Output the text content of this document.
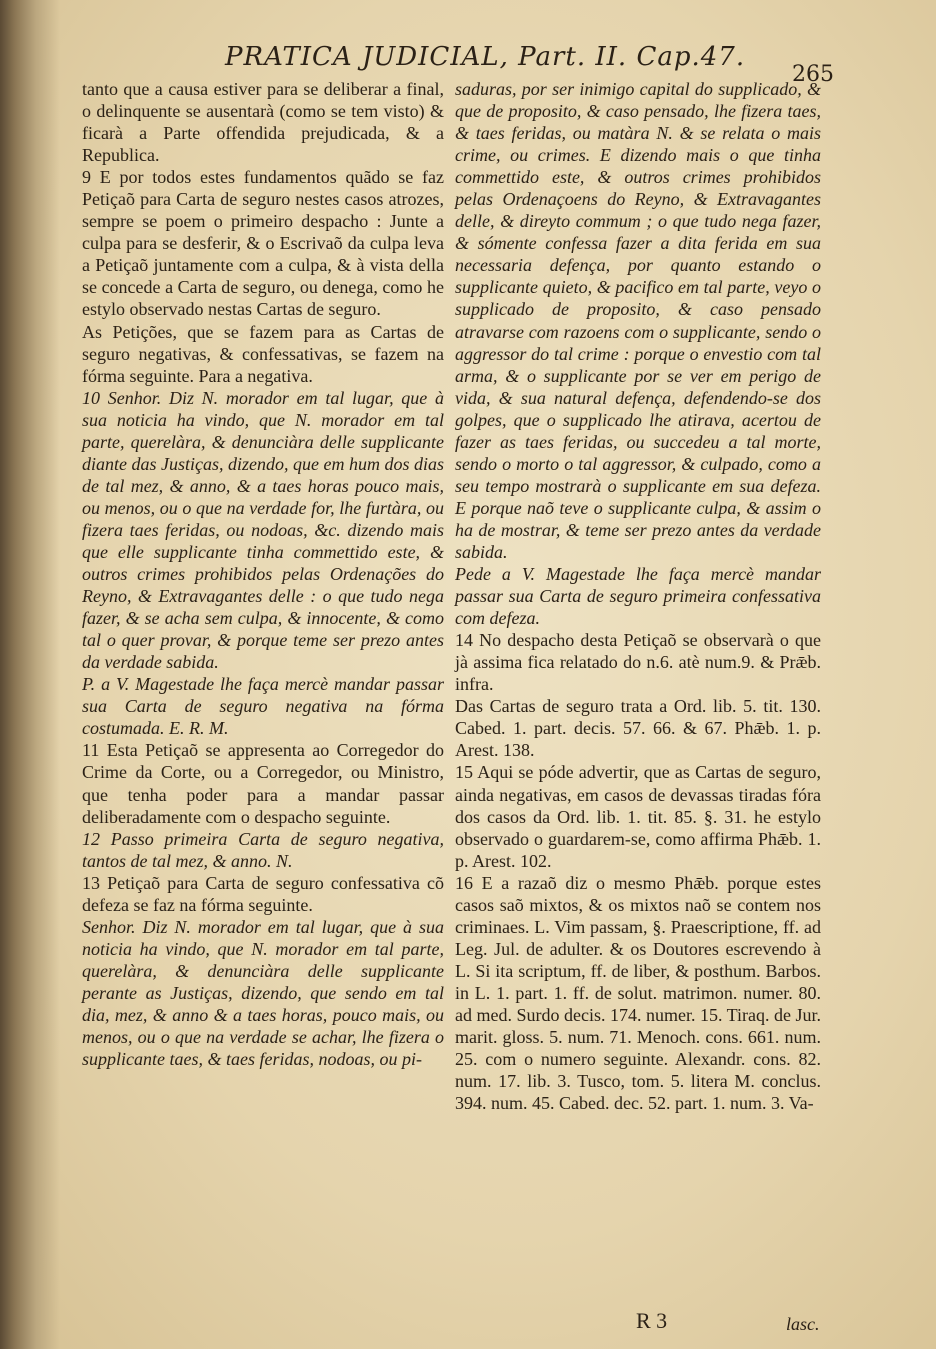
PRATICA JUDICIAL, Part. II. Cap.47.
265

tanto que a causa estiver para se deliberar a final, o delinquente se ausentarà (como se tem visto) & ficarà a Parte offendida prejudicada, & a Republica.

9 E por todos estes fundamentos quãdo se faz Petiçaõ para Carta de seguro nestes casos atrozes, sempre se poem o primeiro despacho : Junte a culpa para se desferir, & o Escrivaõ da culpa leva a Petiçaõ juntamente com a culpa, & à vista della se concede a Carta de seguro, ou denega, como he estylo observado nestas Cartas de seguro.

As Petições, que se fazem para as Cartas de seguro negativas, & confessativas, se fazem na fórma seguinte. Para a negativa.

10 Senhor. Diz N. morador em tal lugar, que à sua noticia ha vindo, que N. morador em tal parte, querelàra, & denunciàra delle supplicante diante das Justiças, dizendo, que em hum dos dias de tal mez, & anno, & a taes horas pouco mais, ou menos, ou o que na verdade for, lhe furtàra, ou fizera taes feridas, ou nodoas, &c. dizendo mais que elle supplicante tinha commettido este, & outros crimes prohibidos pelas Ordenações do Reyno, & Extravagantes delle : o que tudo nega fazer, & se acha sem culpa, & innocente, & como tal o quer provar, & porque teme ser prezo antes da verdade sabida.

P. a V. Magestade lhe faça mercè mandar passar sua Carta de seguro negativa na fórma costumada. E. R. M.

11 Esta Petiçaõ se appresenta ao Corregedor do Crime da Corte, ou a Corregedor, ou Ministro, que tenha poder para a mandar passar deliberadamente com o despacho seguinte.

12 Passo primeira Carta de seguro negativa, tantos de tal mez, & anno. N.

13 Petiçaõ para Carta de seguro confessativa cõ defeza se faz na fórma seguinte.

Senhor. Diz N. morador em tal lugar, que à sua noticia ha vindo, que N. morador em tal parte, querelàra, & denunciàra delle supplicante perante as Justiças, dizendo, que sendo em tal dia, mez, & anno & a taes horas, pouco mais, ou menos, ou o que na verdade se achar, lhe fizera o supplicante taes, & taes feridas, nodoas, ou pi-

saduras, por ser inimigo capital do supplicado, & que de proposito, & caso pensado, lhe fizera taes, & taes feridas, ou matàra N. & se relata o mais crime, ou crimes. E dizendo mais o que tinha commettido este, & outros crimes prohibidos pelas Ordenaçoens do Reyno, & Extravagantes delle, & direyto commum ; o que tudo nega fazer, & sómente confessa fazer a dita ferida em sua necessaria defença, por quanto estando o supplicante quieto, & pacifico em tal parte, veyo o supplicado de proposito, & caso pensado atravarse com razoens com o supplicante, sendo o aggressor do tal crime : porque o envestio com tal arma, & o supplicante por se ver em perigo de vida, & sua natural defença, defendendo-se dos golpes, que o supplicado lhe atirava, acertou de fazer as taes feridas, ou succedeu a tal morte, sendo o morto o tal aggressor, & culpado, como a seu tempo mostrarà o supplicante em sua defeza. E porque naõ teve o supplicante culpa, & assim o ha de mostrar, & teme ser prezo antes da verdade sabida.

Pede a V. Magestade lhe faça mercè mandar passar sua Carta de seguro primeira confessativa com defeza.

14 No despacho desta Petiçaõ se observarà o que jà assima fica relatado do n.6. atè num.9. & Prǣb. infra.

Das Cartas de seguro trata a Ord. lib. 5. tit. 130. Cabed. 1. part. decis. 57. 66. & 67. Phǣb. 1. p. Arest. 138.

15 Aqui se póde advertir, que as Cartas de seguro, ainda negativas, em casos de devassas tiradas fóra dos casos da Ord. lib. 1. tit. 85. §. 31. he estylo observado o guardarem-se, como affirma Phǣb. 1. p. Arest. 102.

16 E a razaõ diz o mesmo Phǣb. porque estes casos saõ mixtos, & os mixtos naõ se contem nos criminaes. L. Vim passam, §. Praescriptione, ff. ad Leg. Jul. de adulter. & os Doutores escrevendo à L. Si ita scriptum, ff. de liber, & posthum. Barbos. in L. 1. part. 1. ff. de solut. matrimon. numer. 80. ad med. Surdo decis. 174. numer. 15. Tiraq. de Jur. marit. gloss. 5. num. 71. Menoch. cons. 661. num. 25. com o numero seguinte. Alexandr. cons. 82. num. 17. lib. 3. Tusco, tom. 5. litera M. conclus. 394. num. 45. Cabed. dec. 52. part. 1. num. 3. Va-

R 3	lasc.
